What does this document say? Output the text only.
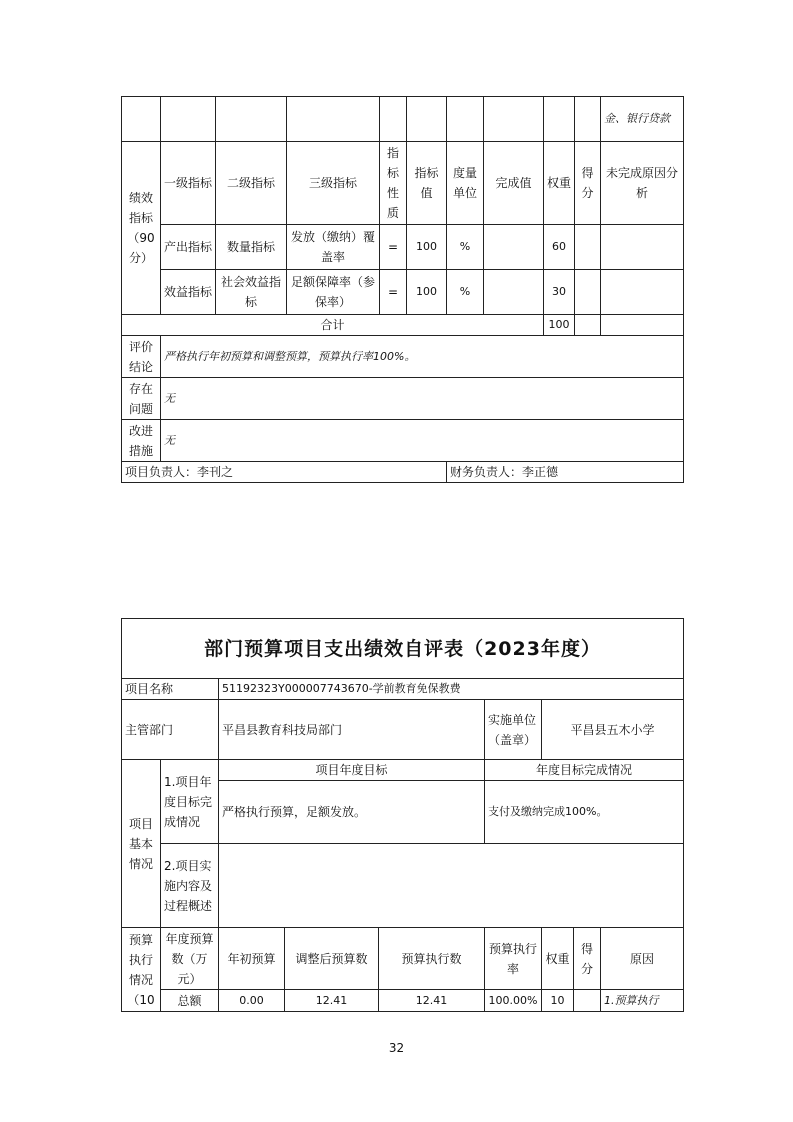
										金、银行贷款
绩效指标（90分）	一级指标	二级指标	三级指标	指标性质	指标值	度量单位	完成值	权重	得分	未完成原因分析
	产出指标	数量指标	发放（缴纳）覆盖率	=	100	%		60		
	效益指标	社会效益指标	足额保障率（参保率）	=	100	%		30		
合计								100		
评价结论	严格执行年初预算和调整预算，预算执行率100%。									
存在问题	无									
改进措施	无									
项目负责人：李刊之						财务负责人：李正德				
部门预算项目支出绩效自评表（2023年度）								
项目名称		51192323Y000007743670-学前教育免保教费						
主管部门		平昌县教育科技局部门			实施单位（盖章）	平昌县五木小学		
项目基本情况	1.项目年度目标完成情况	项目年度目标			年度目标完成情况			
		严格执行预算，足额发放。			支付及缴纳完成100%。			
	2.项目实施内容及过程概述							

预算执行情况（10	年度预算数（万元）	年初预算	调整后预算数	预算执行数	预算执行率	权重	得分	原因
	总额	0.00	12.41	12.41	100.00%	10		1.预算执行
32
